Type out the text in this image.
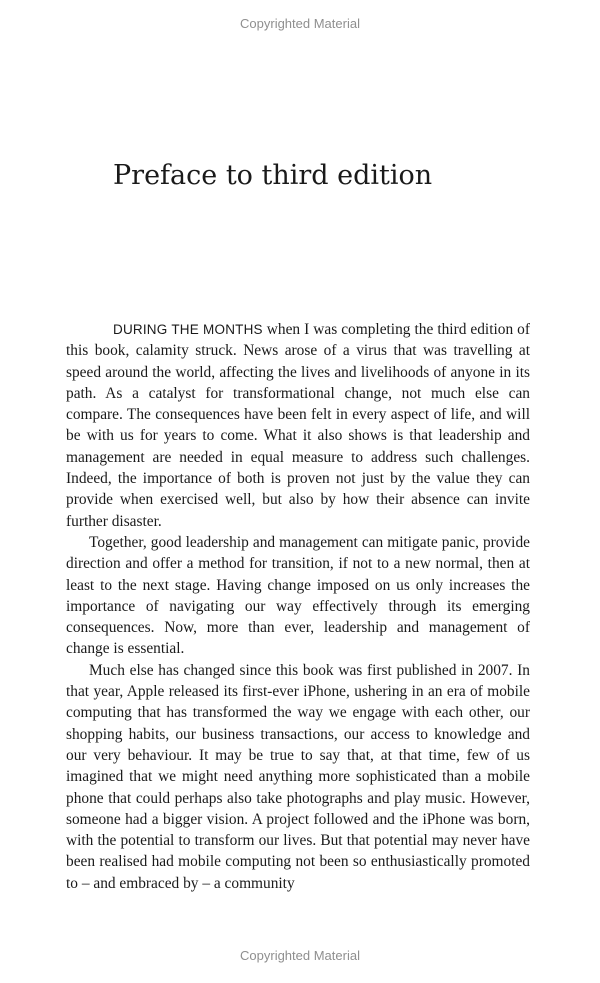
Copyrighted Material
Preface to third edition

DURING THE MONTHS when I was completing the third edition of this book, calamity struck. News arose of a virus that was travelling at speed around the world, affecting the lives and livelihoods of anyone in its path. As a catalyst for transformational change, not much else can compare. The consequences have been felt in every aspect of life, and will be with us for years to come. What it also shows is that leadership and management are needed in equal measure to address such challenges. Indeed, the importance of both is proven not just by the value they can provide when exercised well, but also by how their absence can invite further disaster.

Together, good leadership and management can mitigate panic, provide direction and offer a method for transition, if not to a new normal, then at least to the next stage. Having change imposed on us only increases the importance of navigating our way effectively through its emerging consequences. Now, more than ever, leadership and management of change is essential.

Much else has changed since this book was first published in 2007. In that year, Apple released its first-ever iPhone, ushering in an era of mobile computing that has transformed the way we engage with each other, our shopping habits, our business transactions, our access to knowledge and our very behaviour. It may be true to say that, at that time, few of us imagined that we might need anything more sophisticated than a mobile phone that could perhaps also take photographs and play music. However, someone had a bigger vision. A project followed and the iPhone was born, with the potential to transform our lives. But that potential may never have been realised had mobile computing not been so enthusiastically promoted to – and embraced by – a community

Copyrighted Material
